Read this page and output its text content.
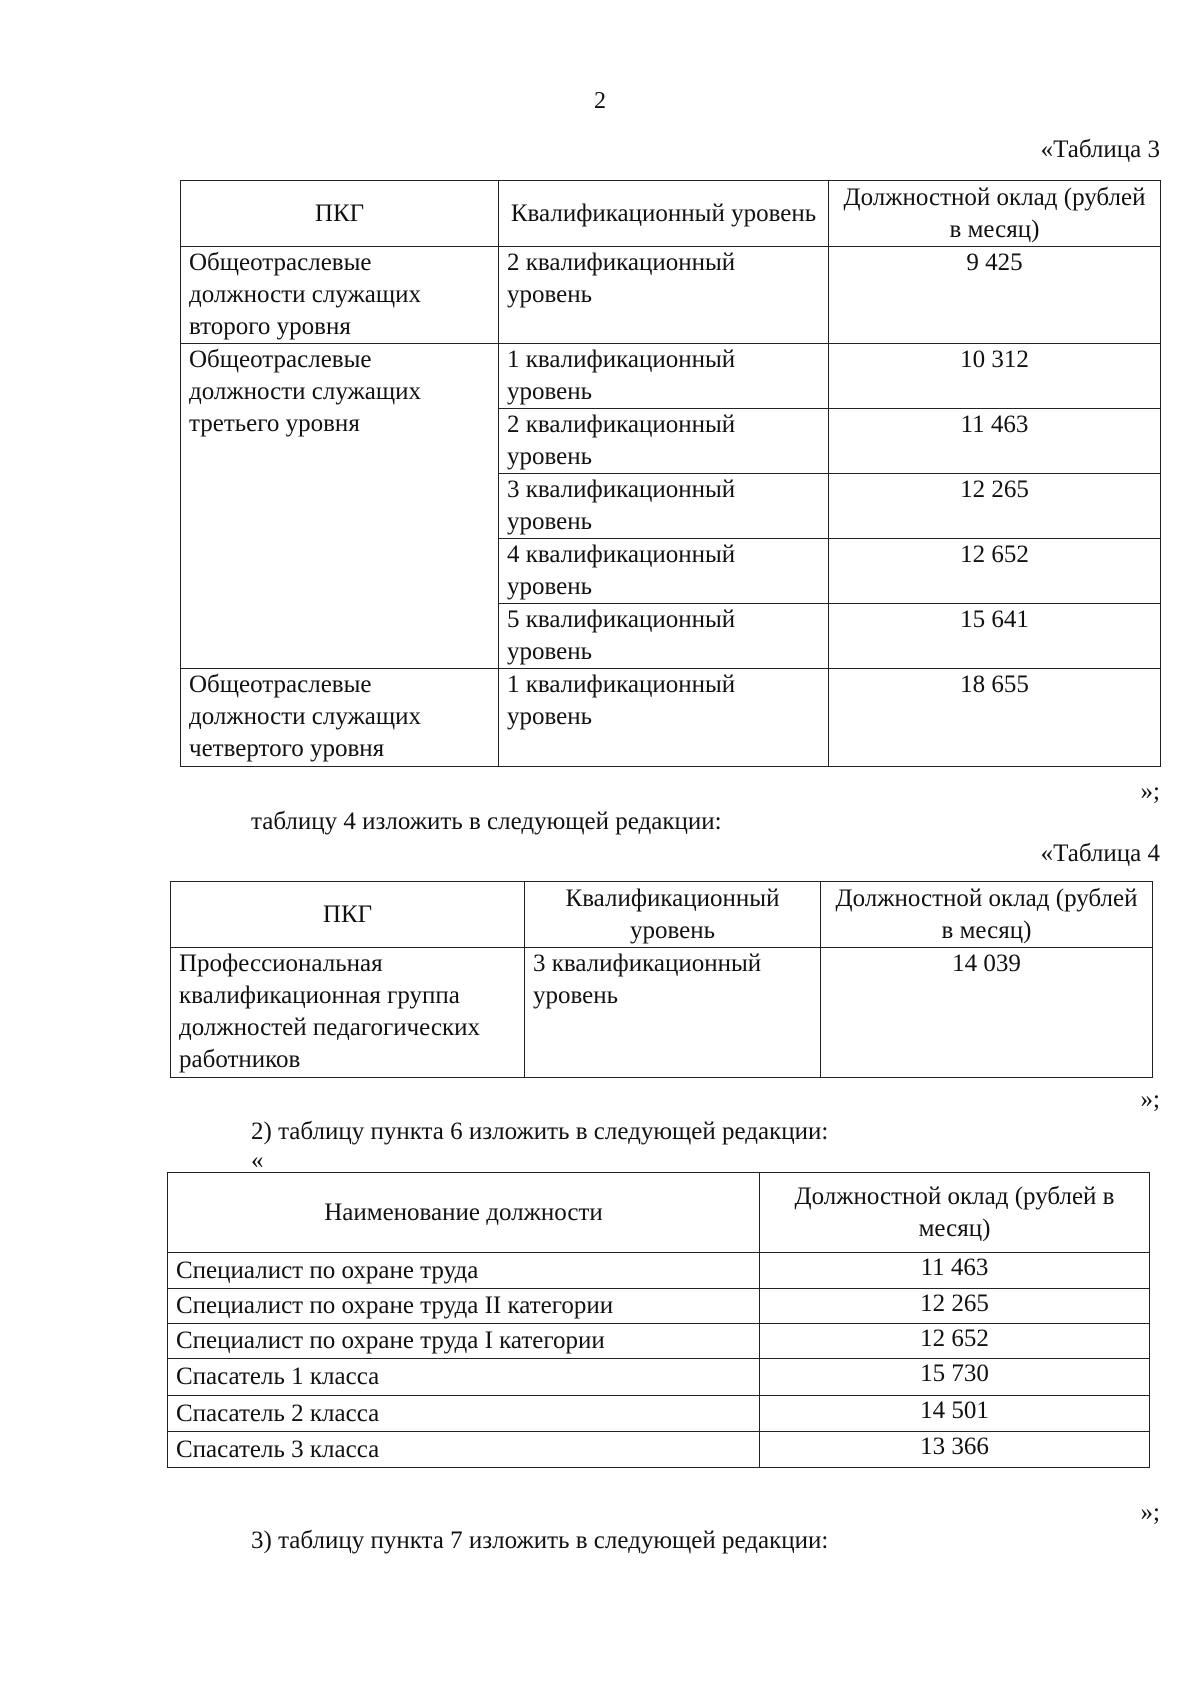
2
«Таблица 3
ПКГ	Квалификационный уровень	Должностной оклад (рублей в месяц)
Общеотраслевые должности служащих второго уровня	2 квалификационный уровень	9 425
Общеотраслевые должности служащих третьего уровня	1 квалификационный уровень	10 312
	2 квалификационный уровень	11 463
	3 квалификационный уровень	12 265
	4 квалификационный уровень	12 652
	5 квалификационный уровень	15 641
Общеотраслевые должности служащих четвертого уровня	1 квалификационный уровень	18 655
»;
таблицу 4 изложить в следующей редакции:
«Таблица 4
ПКГ	Квалификационный уровень	Должностной оклад (рублей в месяц)
Профессиональная квалификационная группа должностей педагогических работников	3 квалификационный уровень	14 039
»;
2) таблицу пункта 6 изложить в следующей редакции:
«
Наименование должности	Должностной оклад (рублей в месяц)
Специалист по охране труда	11 463
Специалист по охране труда II категории	12 265
Специалист по охране труда I категории	12 652
Спасатель 1 класса	15 730
Спасатель 2 класса	14 501
Спасатель 3 класса	13 366
»;
3) таблицу пункта 7 изложить в следующей редакции:
